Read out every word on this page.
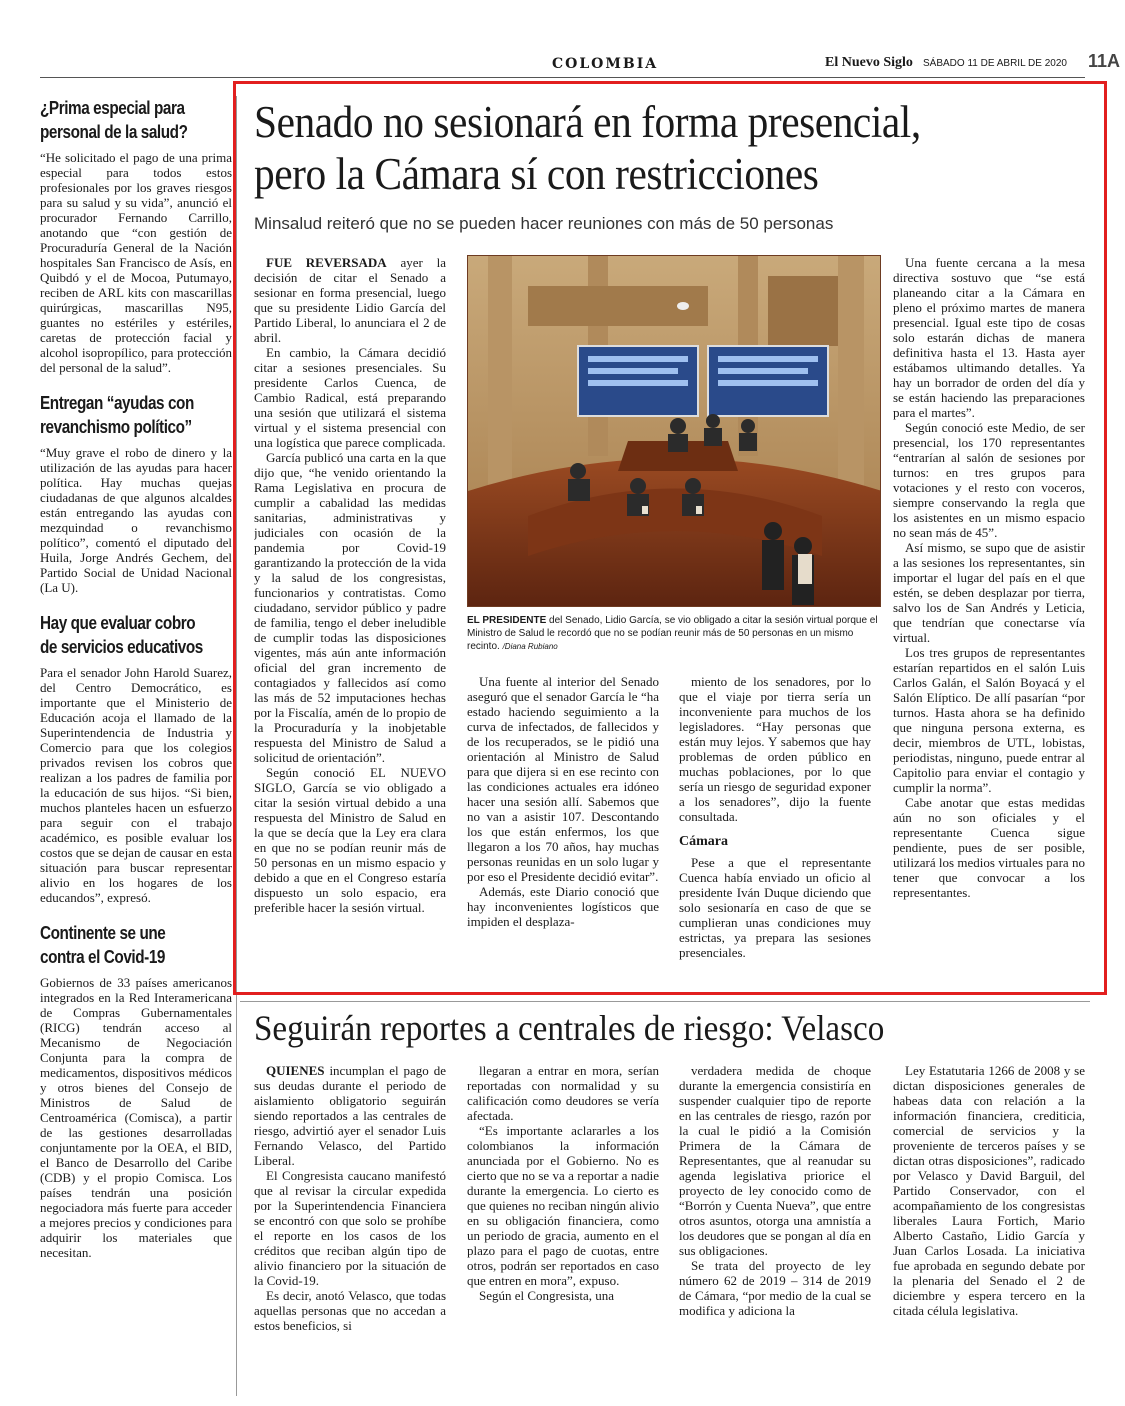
COLOMBIA	El Nuevo Siglo SÁBADO 11 DE ABRIL DE 2020 11A
¿Prima especial para
personal de la salud?
“He solicitado el pago de una prima especial para todos estos profesionales por los graves riesgos para su salud y su vida”, anunció el procurador Fernando Carrillo, anotando que “con gestión de Procuraduría General de la Nación hospitales San Francisco de Asís, en Quibdó y el de Mocoa, Putumayo, reciben de ARL kits con mascarillas quirúrgicas, mascarillas N95, guantes no estériles y estériles, caretas de protección facial y alcohol isopropílico, para protección del personal de la salud”.
Entregan “ayudas con
revanchismo político”
“Muy grave el robo de dinero y la utilización de las ayudas para hacer política. Hay muchas quejas ciudadanas de que algunos alcaldes están entregando las ayudas con mezquindad o revanchismo político”, comentó el diputado del Huila, Jorge Andrés Gechem, del Partido Social de Unidad Nacional (La U).
Hay que evaluar cobro
de servicios educativos
Para el senador John Harold Suarez, del Centro Democrático, es importante que el Ministerio de Educación acoja el llamado de la Superintendencia de Industria y Comercio para que los colegios privados revisen los cobros que realizan a los padres de familia por la educación de sus hijos. “Si bien, muchos planteles hacen un esfuerzo para seguir con el trabajo académico, es posible evaluar los costos que se dejan de causar en esta situación para buscar representar alivio en los hogares de los educandos”, expresó.
Continente se une
contra el Covid-19
Gobiernos de 33 países americanos integrados en la Red Interamericana de Compras Gubernamentales (RICG) tendrán acceso al Mecanismo de Negociación Conjunta para la compra de medicamentos, dispositivos médicos y otros bienes del Consejo de Ministros de Salud de Centroamérica (Comisca), a partir de las gestiones desarrolladas conjuntamente por la OEA, el BID, el Banco de Desarrollo del Caribe (CDB) y el propio Comisca. Los países tendrán una posición negociadora más fuerte para acceder a mejores precios y condiciones para adquirir los materiales que necesitan.
Senado no sesionará en forma presencial,
pero la Cámara sí con restricciones
Minsalud reiteró que no se pueden hacer reuniones con más de 50 personas

FUE REVERSADA ayer la decisión de citar el Senado a sesionar en forma presencial, luego que su presidente Lidio García del Partido Liberal, lo anunciara el 2 de abril.

En cambio, la Cámara decidió citar a sesiones presenciales. Su presidente Carlos Cuenca, de Cambio Radical, está preparando una sesión que utilizará el sistema virtual y el sistema presencial con una logística que parece complicada.

García publicó una carta en la que dijo que, “he venido orientando la Rama Legislativa en procura de cumplir a cabalidad las medidas sanitarias, administrativas y judiciales con ocasión de la pandemia por Covid-19 garantizando la protección de la vida y la salud de los congresistas, funcionarios y contratistas. Como ciudadano, servidor público y padre de familia, tengo el deber ineludible de cumplir todas las disposiciones vigentes, más aún ante información oficial del gran incremento de contagiados y fallecidos así como las más de 52 imputaciones hechas por la Fiscalía, amén de lo propio de la Procuraduría y la inobjetable respuesta del Ministro de Salud a solicitud de orientación”.

Según conoció EL NUEVO SIGLO, García se vio obligado a citar la sesión virtual debido a una respuesta del Ministro de Salud en la que se decía que la Ley era clara en que no se podían reunir más de 50 personas en un mismo espacio y debido a que en el Congreso estaría dispuesto un solo espacio, era preferible hacer la sesión virtual.

EL PRESIDENTE del Senado, Lidio García, se vio obligado a citar la sesión virtual porque el Ministro de Salud le recordó que no se podían reunir más de 50 personas en un mismo recinto. /Diana Rubiano

Una fuente al interior del Senado aseguró que el senador García le “ha estado haciendo seguimiento a la curva de infectados, de fallecidos y de los recuperados, se le pidió una orientación al Ministro de Salud para que dijera si en ese recinto con las condiciones actuales era idóneo hacer una sesión allí. Sabemos que no van a asistir 107. Descontando los que están enfermos, los que llegaron a los 70 años, hay muchas personas reunidas en un solo lugar y por eso el Presidente decidió evitar”.

Además, este Diario conoció que hay inconvenientes logísticos que impiden el desplaza-

miento de los senadores, por lo que el viaje por tierra sería un inconveniente para muchos de los legisladores. “Hay personas que están muy lejos. Y sabemos que hay problemas de orden público en muchas poblaciones, por lo que sería un riesgo de seguridad exponer a los senadores”, dijo la fuente consultada.

Cámara

Pese a que el representante Cuenca había enviado un oficio al presidente Iván Duque diciendo que solo sesionaría en caso de que se cumplieran unas condiciones muy estrictas, ya prepara las sesiones presenciales.

Una fuente cercana a la mesa directiva sostuvo que “se está planeando citar a la Cámara en pleno el próximo martes de manera presencial. Igual este tipo de cosas solo estarán dichas de manera definitiva hasta el 13. Hasta ayer estábamos ultimando detalles. Ya hay un borrador de orden del día y se están haciendo las preparaciones para el martes”.

Según conoció este Medio, de ser presencial, los 170 representantes “entrarían al salón de sesiones por turnos: en tres grupos para votaciones y el resto con voceros, siempre conservando la regla que los asistentes en un mismo espacio no sean más de 45”.

Así mismo, se supo que de asistir a las sesiones los representantes, sin importar el lugar del país en el que estén, se deben desplazar por tierra, salvo los de San Andrés y Leticia, que tendrían que conectarse vía virtual.

Los tres grupos de representantes estarían repartidos en el salón Luis Carlos Galán, el Salón Boyacá y el Salón Elíptico. De allí pasarían “por turnos. Hasta ahora se ha definido que ninguna persona externa, es decir, miembros de UTL, lobistas, periodistas, ninguno, puede entrar al Capitolio para enviar el contagio y cumplir la norma”.

Cabe anotar que estas medidas aún no son oficiales y el representante Cuenca sigue pendiente, pues de ser posible, utilizará los medios virtuales para no tener que convocar a los representantes.

Seguirán reportes a centrales de riesgo: Velasco

QUIENES incumplan el pago de sus deudas durante el periodo de aislamiento obligatorio seguirán siendo reportados a las centrales de riesgo, advirtió ayer el senador Luis Fernando Velasco, del Partido Liberal.

El Congresista caucano manifestó que al revisar la circular expedida por la Superintendencia Financiera se encontró con que solo se prohíbe el reporte en los casos de los créditos que reciban algún tipo de alivio financiero por la situación de la Covid-19.

Es decir, anotó Velasco, que todas aquellas personas que no accedan a estos beneficios, si

llegaran a entrar en mora, serían reportadas con normalidad y su calificación como deudores se vería afectada.

“Es importante aclararles a los colombianos la información anunciada por el Gobierno. No es cierto que no se va a reportar a nadie durante la emergencia. Lo cierto es que quienes no reciban ningún alivio en su obligación financiera, como un periodo de gracia, aumento en el plazo para el pago de cuotas, entre otros, podrán ser reportados en caso que entren en mora”, expuso.

Según el Congresista, una

verdadera medida de choque durante la emergencia consistiría en suspender cualquier tipo de reporte en las centrales de riesgo, razón por la cual le pidió a la Comisión Primera de la Cámara de Representantes, que al reanudar su agenda legislativa priorice el proyecto de ley conocido como de “Borrón y Cuenta Nueva”, que entre otros asuntos, otorga una amnistía a los deudores que se pongan al día en sus obligaciones.

Se trata del proyecto de ley número 62 de 2019 – 314 de 2019 de Cámara, “por medio de la cual se modifica y adiciona la

Ley Estatutaria 1266 de 2008 y se dictan disposiciones generales de habeas data con relación a la información financiera, crediticia, comercial de servicios y la proveniente de terceros países y se dictan otras disposiciones”, radicado por Velasco y David Barguil, del Partido Conservador, con el acompañamiento de los congresistas liberales Laura Fortich, Mario Alberto Castaño, Lidio García y Juan Carlos Losada. La iniciativa fue aprobada en segundo debate por la plenaria del Senado el 2 de diciembre y espera tercero en la citada célula legislativa.
